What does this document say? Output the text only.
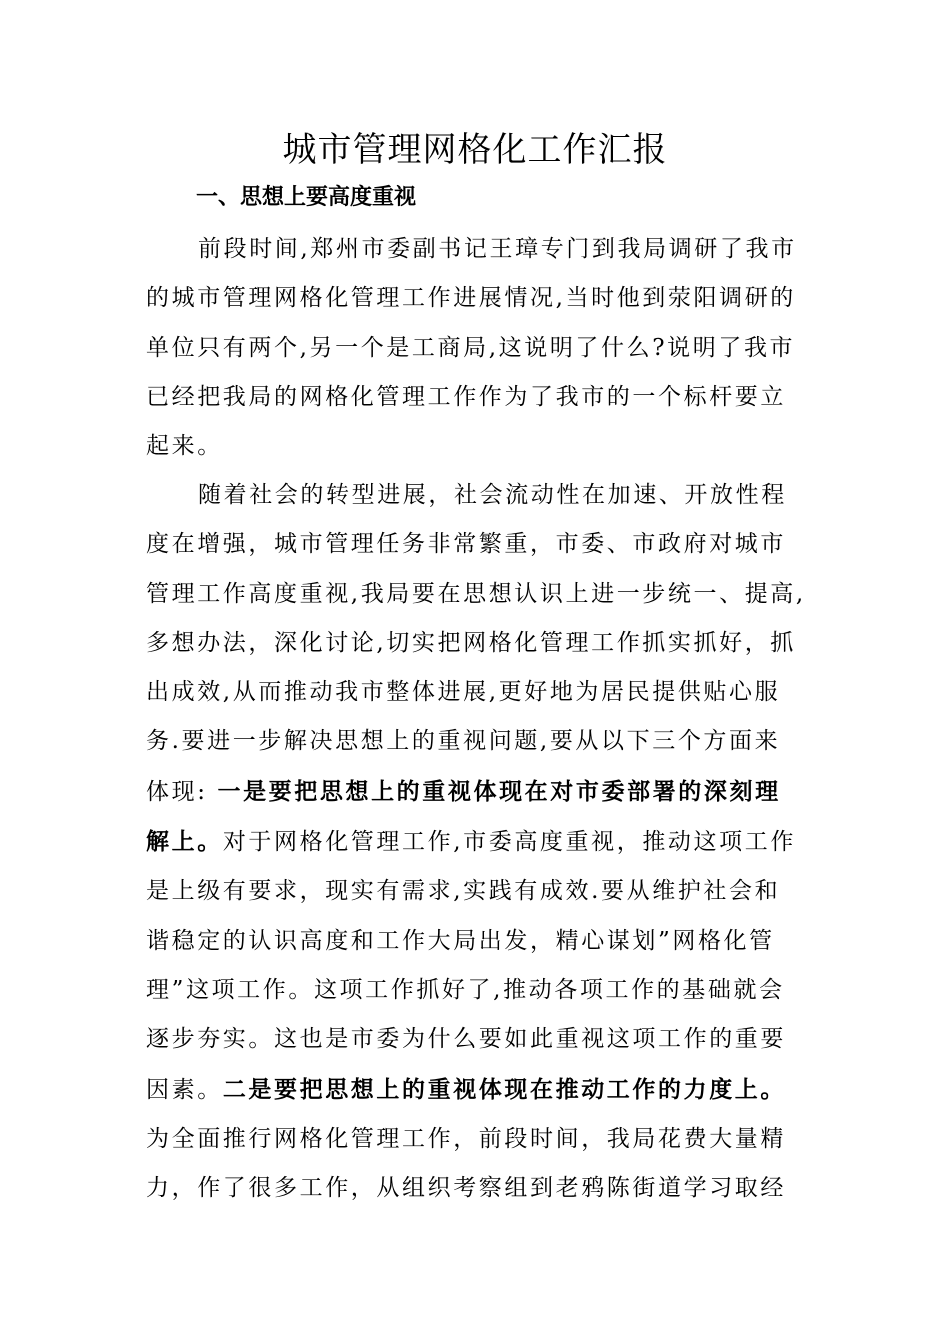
城市管理网格化工作汇报
一、思想上要高度重视
前段时间,郑州市委副书记王璋专门到我局调研了我市
的城市管理网格化管理工作进展情况,当时他到荥阳调研的
单位只有两个,另一个是工商局,这说明了什么?说明了我市
已经把我局的网格化管理工作作为了我市的一个标杆要立
起来。
随着社会的转型进展，社会流动性在加速、开放性程
度在增强，城市管理任务非常繁重，市委、市政府对城市
管理工作高度重视,我局要在思想认识上进一步统一、提高,
多想办法，深化讨论,切实把网格化管理工作抓实抓好，抓
出成效,从而推动我市整体进展,更好地为居民提供贴心服
务.要进一步解决思想上的重视问题,要从以下三个方面来
体现: 一是要把思想上的重视体现在对市委部署的深刻理
解上。对于网格化管理工作,市委高度重视，推动这项工作
是上级有要求，现实有需求,实践有成效.要从维护社会和
谐稳定的认识高度和工作大局出发，精心谋划”网格化管
理”这项工作。这项工作抓好了,推动各项工作的基础就会
逐步夯实。这也是市委为什么要如此重视这项工作的重要
因素。二是要把思想上的重视体现在推动工作的力度上。
为全面推行网格化管理工作，前段时间，我局花费大量精
力，作了很多工作，从组织考察组到老鸦陈街道学习取经
